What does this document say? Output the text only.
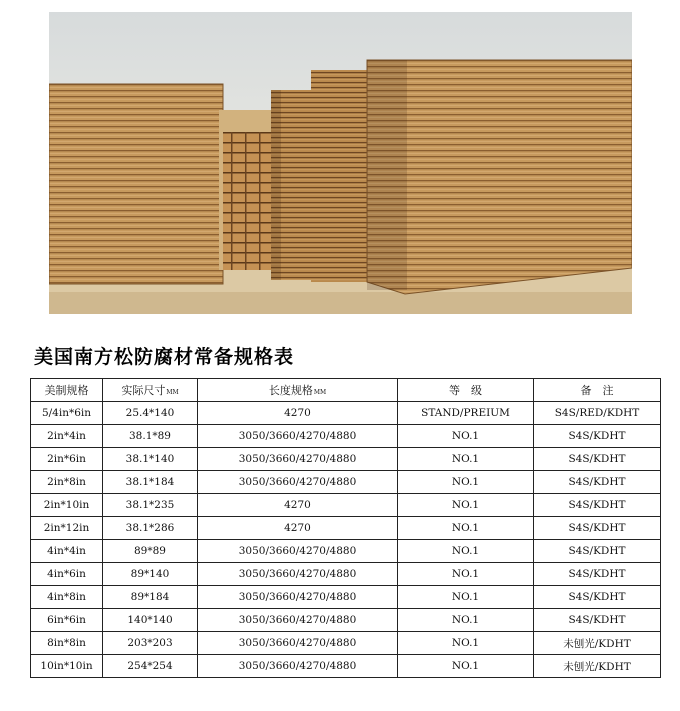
美国南方松防腐材常备规格表
美制规格	实际尺寸MM	长度规格MM	等　级	备　注
5/4in*6in	25.4*140	4270	STAND/PREIUM	S4S/RED/KDHT
2in*4in	38.1*89	3050/3660/4270/4880	NO.1	S4S/KDHT
2in*6in	38.1*140	3050/3660/4270/4880	NO.1	S4S/KDHT
2in*8in	38.1*184	3050/3660/4270/4880	NO.1	S4S/KDHT
2in*10in	38.1*235	4270	NO.1	S4S/KDHT
2in*12in	38.1*286	4270	NO.1	S4S/KDHT
4in*4in	89*89	3050/3660/4270/4880	NO.1	S4S/KDHT
4in*6in	89*140	3050/3660/4270/4880	NO.1	S4S/KDHT
4in*8in	89*184	3050/3660/4270/4880	NO.1	S4S/KDHT
6in*6in	140*140	3050/3660/4270/4880	NO.1	S4S/KDHT
8in*8in	203*203	3050/3660/4270/4880	NO.1	未刨光/KDHT
10in*10in	254*254	3050/3660/4270/4880	NO.1	未刨光/KDHT
